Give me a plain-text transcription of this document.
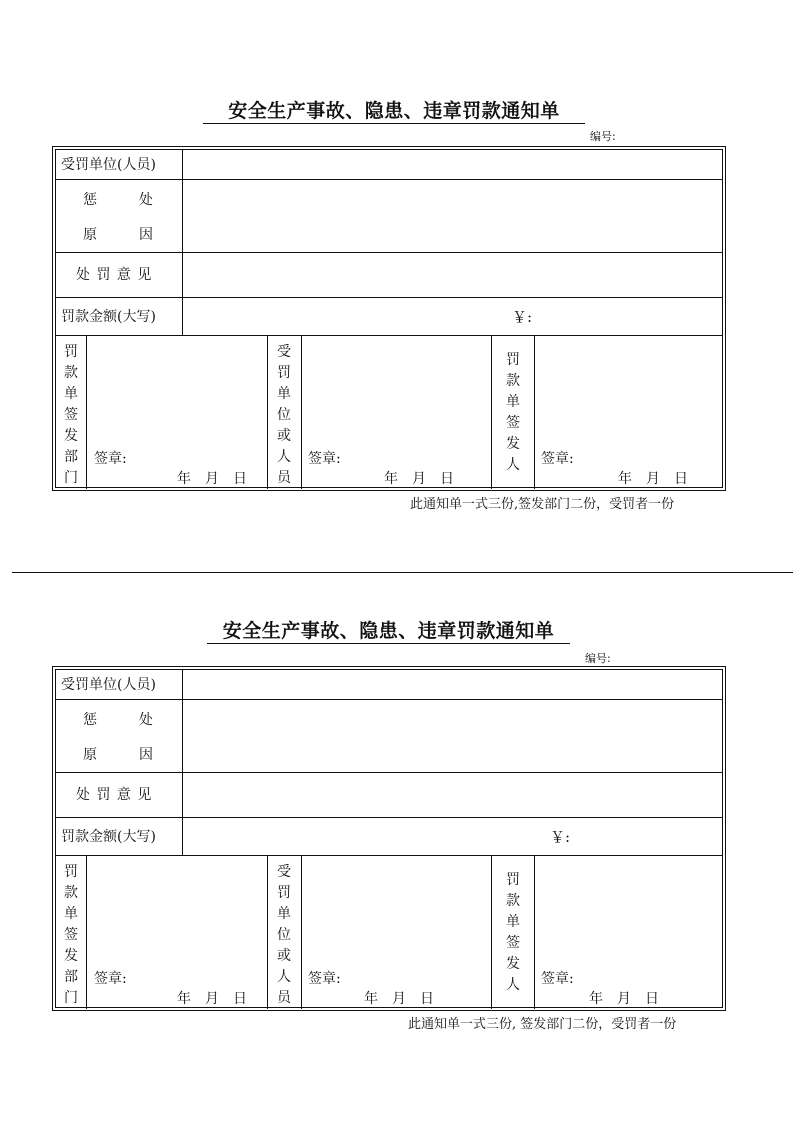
安全生产事故、隐患、违章罚款通知单
编号:
受罚单位(人员)
惩　　　处
原　　　因
处 罚 意 见
罚款金额(大写)	￥:
罚
款
单
签
发
部
门
签章:
年　月　日
受
罚
单
位
或
人
员
签章:
年　月　日
罚
款
单
签
发
人 签章:
年　月　日
此通知单一式三份,签发部门二份，受罚者一份
安全生产事故、隐患、违章罚款通知单
编号:
受罚单位(人员)
惩　　　处
原　　　因
处 罚 意 见
罚款金额(大写)	￥:
罚
款
单
签
发
部
门
签章:
年　月　日
受
罚
单
位
或
人
员
签章:
年　月　日
罚
款
单
签
发
人 签章:
年　月　日
此通知单一式三份, 签发部门二份，受罚者一份
